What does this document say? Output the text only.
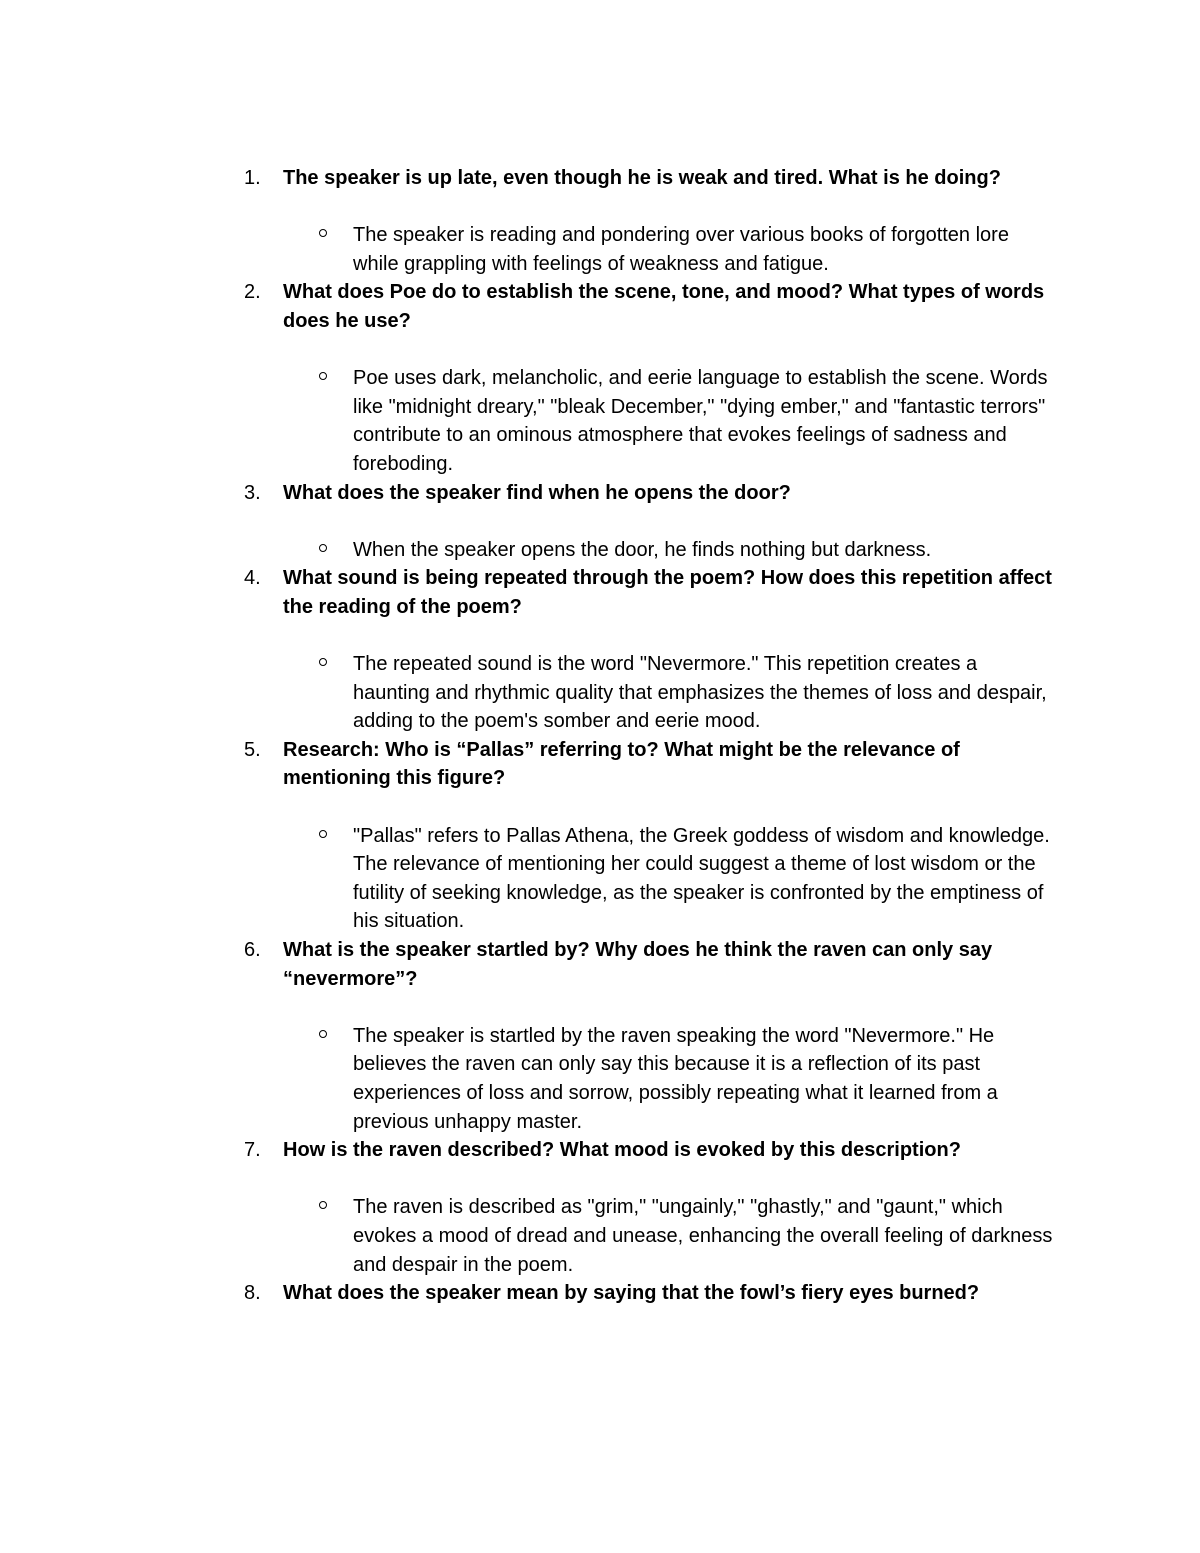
1. The speaker is up late, even though he is weak and tired. What is he doing?
The speaker is reading and pondering over various books of forgotten lore while grappling with feelings of weakness and fatigue.
2. What does Poe do to establish the scene, tone, and mood? What types of words does he use?
Poe uses dark, melancholic, and eerie language to establish the scene. Words like "midnight dreary," "bleak December," "dying ember," and "fantastic terrors" contribute to an ominous atmosphere that evokes feelings of sadness and foreboding.
3. What does the speaker find when he opens the door?
When the speaker opens the door, he finds nothing but darkness.
4. What sound is being repeated through the poem? How does this repetition affect the reading of the poem?
The repeated sound is the word "Nevermore." This repetition creates a haunting and rhythmic quality that emphasizes the themes of loss and despair, adding to the poem's somber and eerie mood.
5. Research: Who is “Pallas” referring to? What might be the relevance of mentioning this figure?
"Pallas" refers to Pallas Athena, the Greek goddess of wisdom and knowledge. The relevance of mentioning her could suggest a theme of lost wisdom or the futility of seeking knowledge, as the speaker is confronted by the emptiness of his situation.
6. What is the speaker startled by? Why does he think the raven can only say “nevermore”?
The speaker is startled by the raven speaking the word "Nevermore." He believes the raven can only say this because it is a reflection of its past experiences of loss and sorrow, possibly repeating what it learned from a previous unhappy master.
7. How is the raven described? What mood is evoked by this description?
The raven is described as "grim," "ungainly," "ghastly," and "gaunt," which evokes a mood of dread and unease, enhancing the overall feeling of darkness and despair in the poem.
8. What does the speaker mean by saying that the fowl’s fiery eyes burned?
